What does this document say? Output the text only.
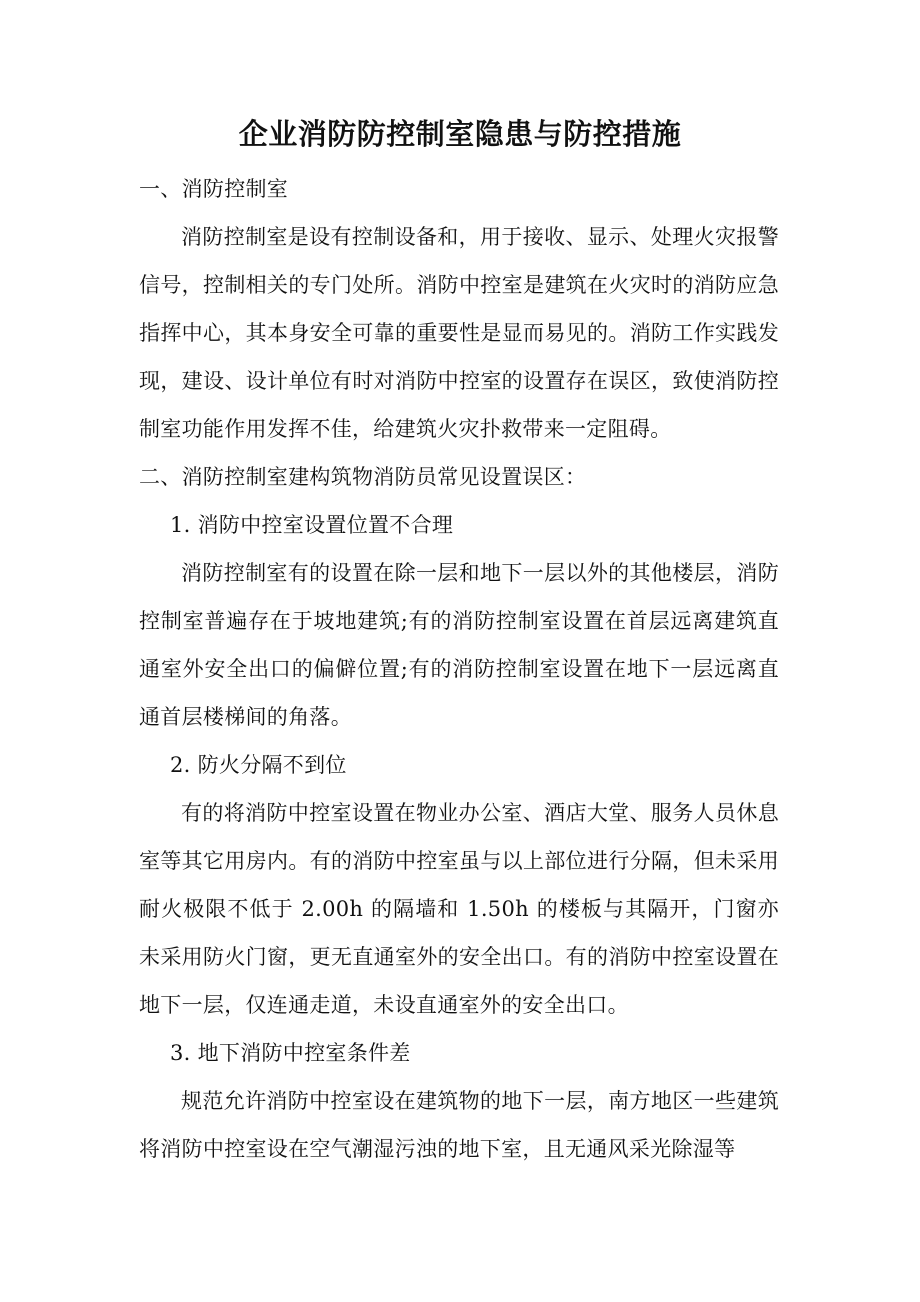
企业消防防控制室隐患与防控措施

一、消防控制室

消防控制室是设有控制设备和，用于接收、显示、处理火灾报警信号，控制相关的专门处所。消防中控室是建筑在火灾时的消防应急指挥中心，其本身安全可靠的重要性是显而易见的。消防工作实践发现，建设、设计单位有时对消防中控室的设置存在误区，致使消防控制室功能作用发挥不佳，给建筑火灾扑救带来一定阻碍。

二、消防控制室建构筑物消防员常见设置误区：

1. 消防中控室设置位置不合理

消防控制室有的设置在除一层和地下一层以外的其他楼层，消防控制室普遍存在于坡地建筑;有的消防控制室设置在首层远离建筑直通室外安全出口的偏僻位置;有的消防控制室设置在地下一层远离直通首层楼梯间的角落。

2. 防火分隔不到位

有的将消防中控室设置在物业办公室、酒店大堂、服务人员休息室等其它用房内。有的消防中控室虽与以上部位进行分隔，但未采用耐火极限不低于 2.00h 的隔墙和 1.50h 的楼板与其隔开，门窗亦未采用防火门窗，更无直通室外的安全出口。有的消防中控室设置在地下一层，仅连通走道，未设直通室外的安全出口。

3. 地下消防中控室条件差

规范允许消防中控室设在建筑物的地下一层，南方地区一些建筑将消防中控室设在空气潮湿污浊的地下室，且无通风采光除湿等
